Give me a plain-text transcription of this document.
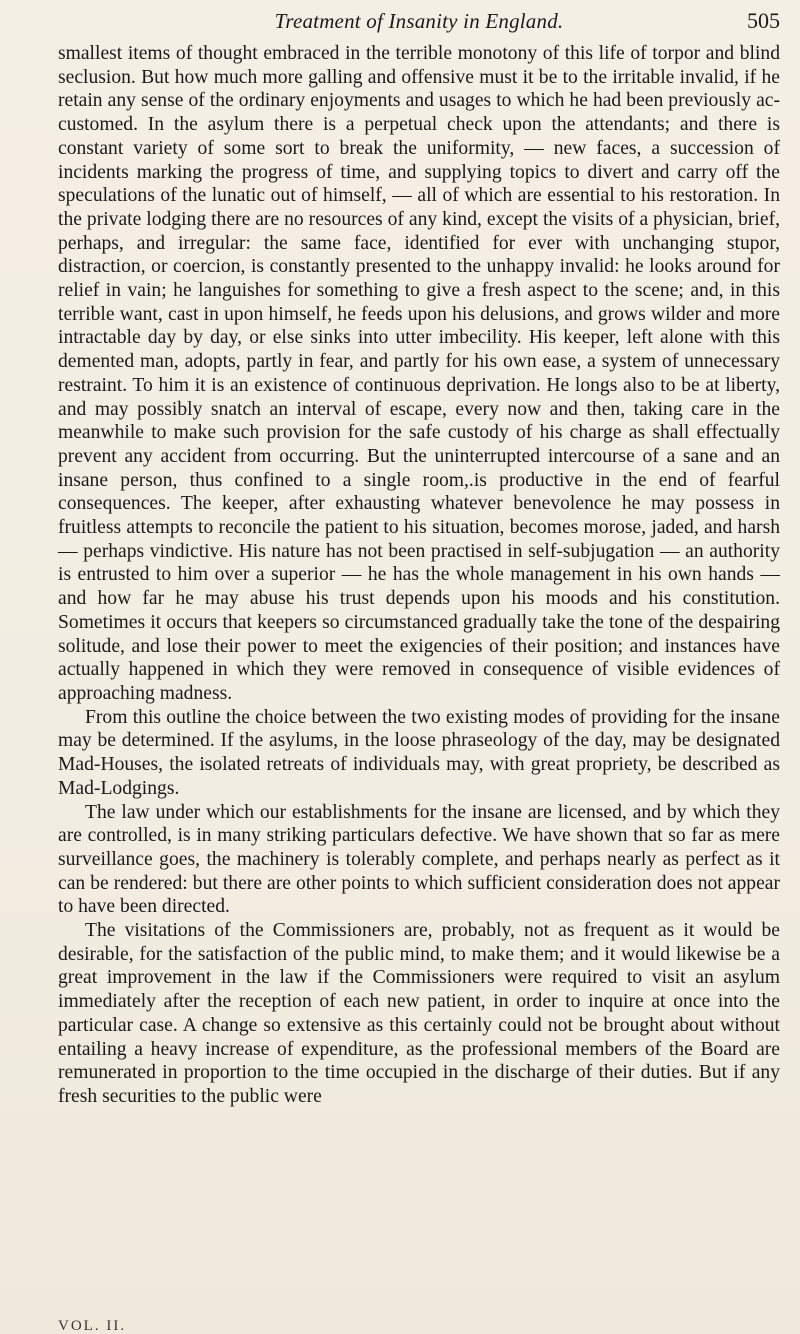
Treatment of Insanity in England.	505

smallest items of thought embraced in the terrible monotony of this life of torpor and blind seclusion. But how much more galling and offensive must it be to the irritable invalid, if he retain any sense of the ordinary enjoyments and usages to which he had been previously accustomed. In the asylum there is a perpetual check upon the attendants; and there is constant variety of some sort to break the uniformity, — new faces, a succession of incidents marking the progress of time, and supplying topics to divert and carry off the speculations of the lunatic out of himself, — all of which are essential to his restoration. In the private lodging there are no resources of any kind, except the visits of a physician, brief, perhaps, and irregular: the same face, identified for ever with unchanging stupor, distraction, or coercion, is constantly presented to the unhappy invalid: he looks around for relief in vain; he languishes for something to give a fresh aspect to the scene; and, in this terrible want, cast in upon himself, he feeds upon his delusions, and grows wilder and more intractable day by day, or else sinks into utter imbecility. His keeper, left alone with this demented man, adopts, partly in fear, and partly for his own ease, a system of unnecessary restraint. To him it is an existence of continuous deprivation. He longs also to be at liberty, and may possibly snatch an interval of escape, every now and then, taking care in the meanwhile to make such provision for the safe custody of his charge as shall effectually prevent any accident from occurring. But the uninterrupted intercourse of a sane and an insane person, thus confined to a single room,.is productive in the end of fearful consequences. The keeper, after exhausting whatever benevolence he may possess in fruitless attempts to reconcile the patient to his situation, becomes morose, jaded, and harsh — perhaps vindictive. His nature has not been practised in self-subjugation — an authority is entrusted to him over a superior — he has the whole management in his own hands — and how far he may abuse his trust depends upon his moods and his constitution. Sometimes it occurs that keepers so circumstanced gradually take the tone of the despairing solitude, and lose their power to meet the exigencies of their position; and instances have actually happened in which they were removed in consequence of visible evidences of approaching madness.

From this outline the choice between the two existing modes of providing for the insane may be determined. If the asylums, in the loose phraseology of the day, may be designated Mad-Houses, the isolated retreats of individuals may, with great propriety, be described as Mad-Lodgings.

The law under which our establishments for the insane are licensed, and by which they are controlled, is in many striking particulars defective. We have shown that so far as mere surveillance goes, the machinery is tolerably complete, and perhaps nearly as perfect as it can be rendered: but there are other points to which sufficient consideration does not appear to have been directed.

The visitations of the Commissioners are, probably, not as frequent as it would be desirable, for the satisfaction of the public mind, to make them; and it would likewise be a great improvement in the law if the Commissioners were required to visit an asylum immediately after the reception of each new patient, in order to inquire at once into the particular case. A change so extensive as this certainly could not be brought about without entailing a heavy increase of expenditure, as the professional members of the Board are remunerated in proportion to the time occupied in the discharge of their duties. But if any fresh securities to the public were

VOL. II.
